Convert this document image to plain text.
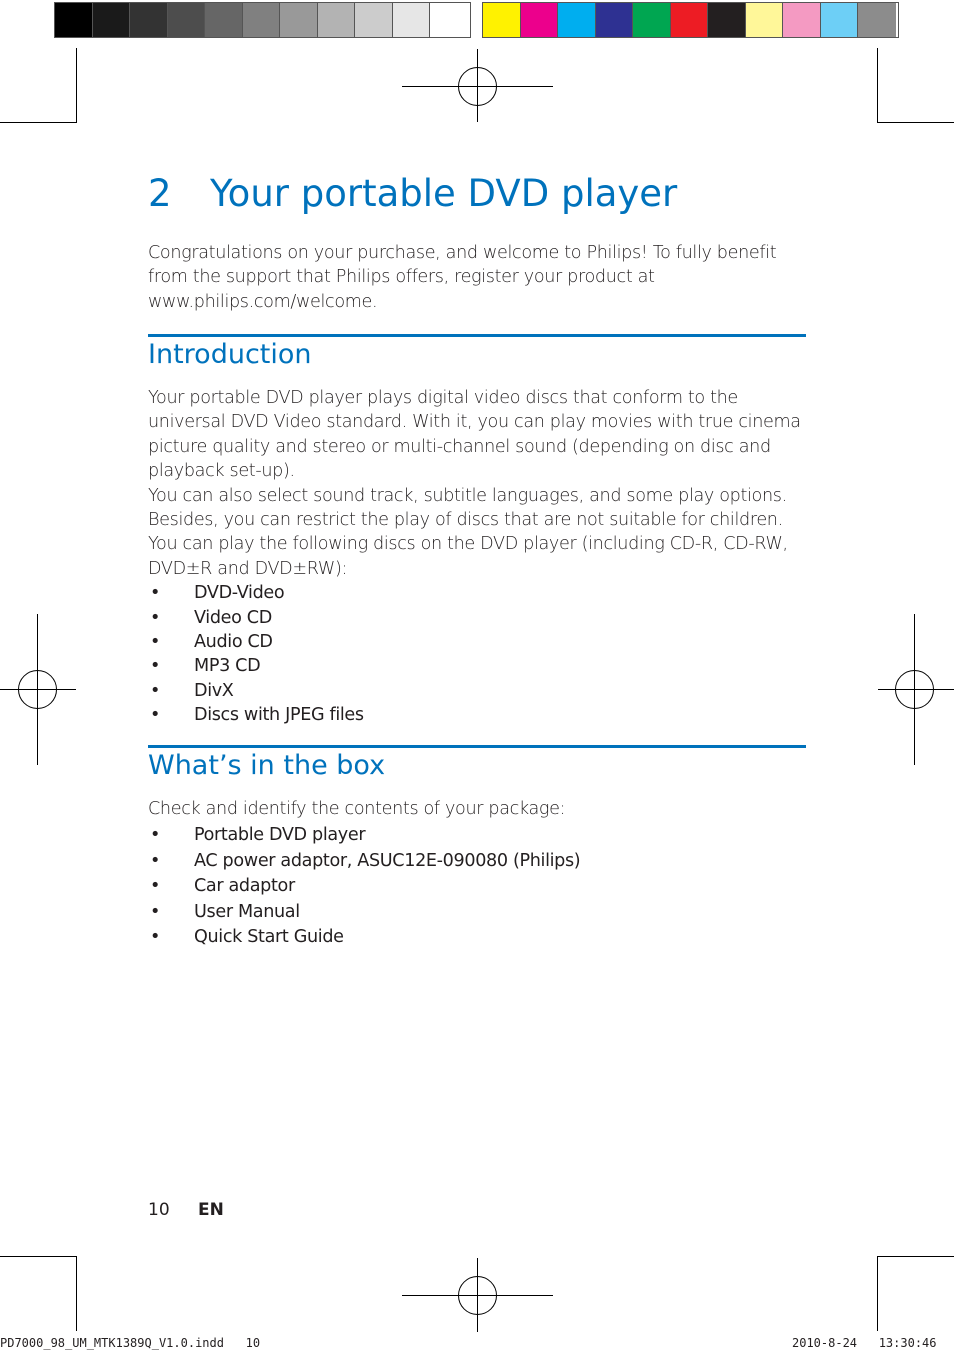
2 Your portable DVD player

Congratulations on your purchase, and welcome to Philips! To fully benefit from the support that Philips offers, register your product at www.philips.com/welcome.

Introduction

Your portable DVD player plays digital video discs that conform to the universal DVD Video standard. With it, you can play movies with true cinema picture quality and stereo or multi-channel sound (depending on disc and playback set-up).

You can also select sound track, subtitle languages, and some play options. Besides, you can restrict the play of discs that are not suitable for children.

You can play the following discs on the DVD player (including CD-R, CD-RW, DVD±R and DVD±RW):

• DVD-Video
• Video CD
• Audio CD
• MP3 CD
• DivX
• Discs with JPEG files
What’s in the box

Check and identify the contents of your package:

• Portable DVD player
• AC power adaptor, ASUC12E-090080 (Philips)
• Car adaptor
• User Manual
• Quick Start Guide
10 EN
PD7000_98_UM_MTK1389Q_V1.0.indd   10	2010-8-24   13:30:46
